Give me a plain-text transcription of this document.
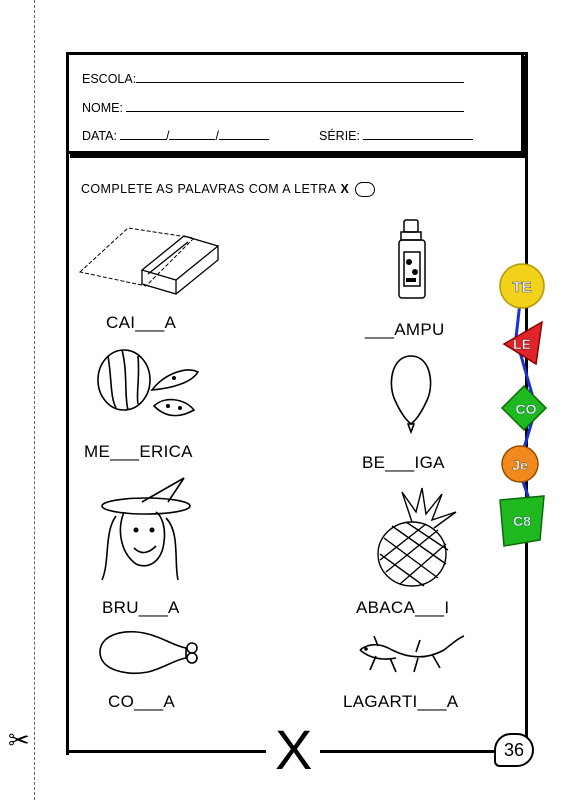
✂
ESCOLA:
NOME:
DATA:	/	/	SÉRIE:
COMPLETE AS PALAVRAS COM A LETRA X
CAI___A	___AMPU
ME___ERICA
BE___IGA
BRU___A	ABACA___I
CO___A	LAGARTI___A
X	36
TE
LE
CO
Je
C8
